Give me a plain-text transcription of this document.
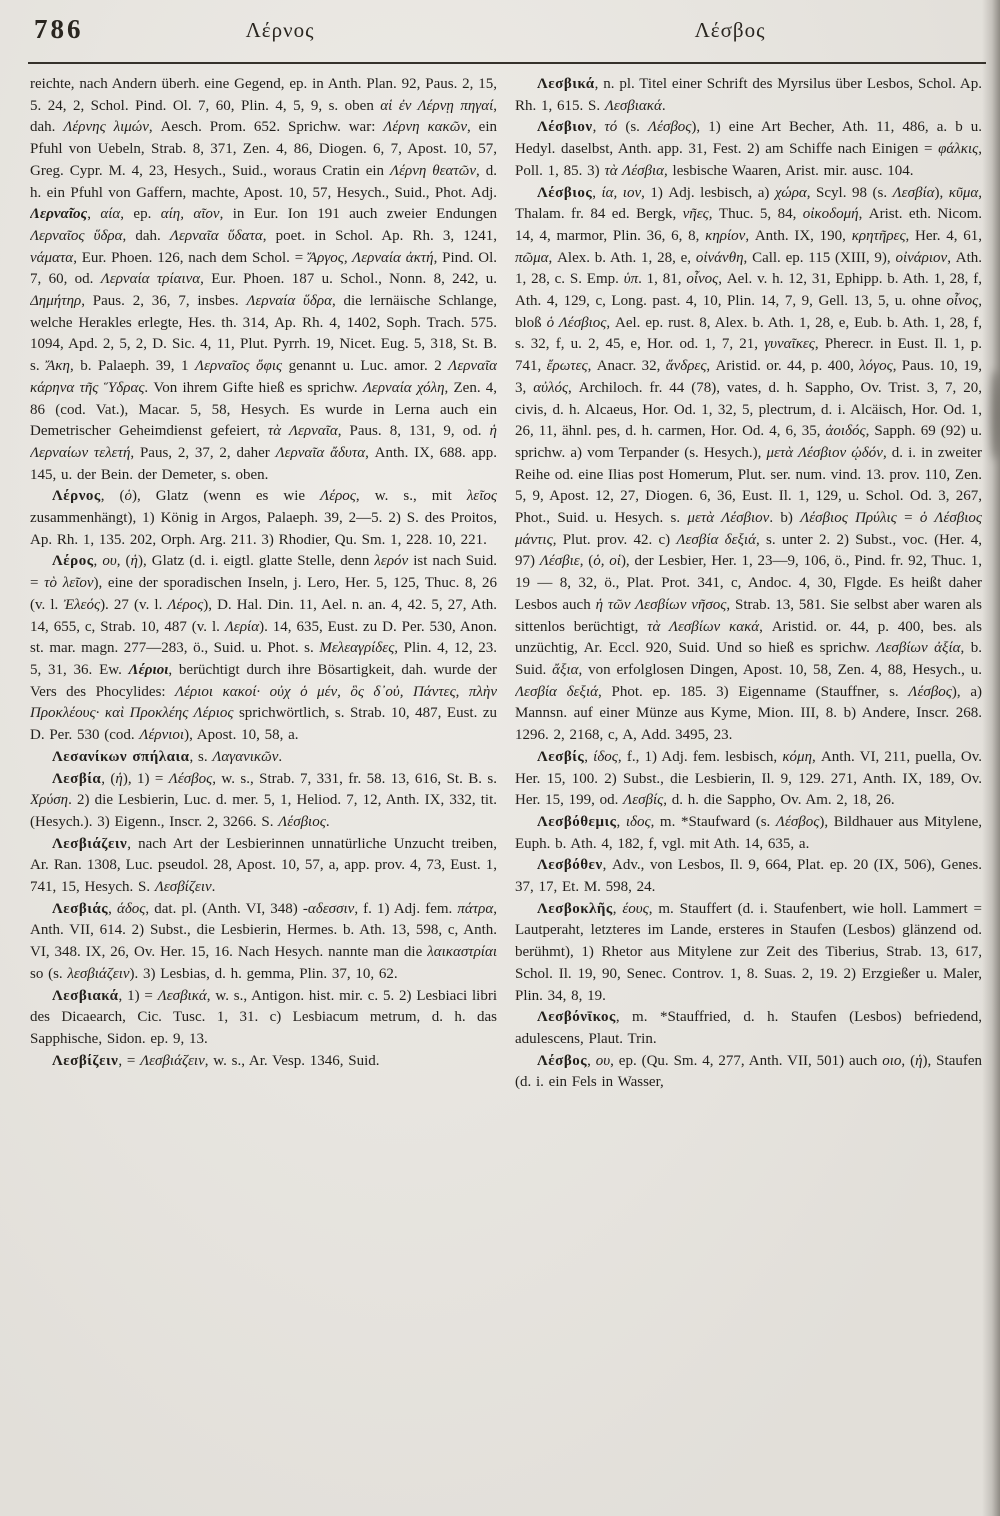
786	Λέρνος	Λέσβος

reichte, nach Andern überh. eine Gegend, ep. in Anth. Plan. 92, Paus. 2, 15, 5. 24, 2, Schol. Pind. Ol. 7, 60, Plin. 4, 5, 9, s. oben αἱ ἐν Λέρνῃ πηγαί, dah. Λέρνης λιμών, Aesch. Prom. 652. Sprichw. war: Λέρνη κακῶν, ein Pfuhl von Uebeln, Strab. 8, 371, Zen. 4, 86, Diogen. 6, 7, Apost. 10, 57, Greg. Cypr. M. 4, 23, Hesych., Suid., woraus Cratin ein Λέρνη θεατῶν, d. h. ein Pfuhl von Gaffern, machte, Apost. 10, 57, Hesych., Suid., Phot. Adj. Λερναῖος, αία, ep. αίη, αῖον, in Eur. Ion 191 auch zweier Endungen Λερναῖος ὕδρα, dah. Λερναῖα ὕδατα, poet. in Schol. Ap. Rh. 3, 1241, νάματα, Eur. Phoen. 126, nach dem Schol. = Ἄργος, Λερναία ἀκτή, Pind. Ol. 7, 60, od. Λερναία τρίαινα, Eur. Phoen. 187 u. Schol., Nonn. 8, 242, u. Δημήτηρ, Paus. 2, 36, 7, insbes. Λερναία ὕδρα, die lernäische Schlange, welche Herakles erlegte, Hes. th. 314, Ap. Rh. 4, 1402, Soph. Trach. 575. 1094, Apd. 2, 5, 2, D. Sic. 4, 11, Plut. Pyrrh. 19, Nicet. Eug. 5, 318, St. B. s. Ἄκη, b. Palaeph. 39, 1 Λερναῖος ὄφις genannt u. Luc. amor. 2 Λερναῖα κάρηνα τῆς Ὕδρας. Von ihrem Gifte hieß es sprichw. Λερναία χόλη, Zen. 4, 86 (cod. Vat.), Macar. 5, 58, Hesych. Es wurde in Lerna auch ein Demetrischer Geheimdienst gefeiert, τὰ Λερναῖα, Paus. 8, 131, 9, od. ἡ Λερναίων τελετή, Paus, 2, 37, 2, daher Λερναῖα ἄδυτα, Anth. IX, 688. app. 145, u. der Bein. der Demeter, s. oben.

Λέρνος, (ὁ), Glatz (wenn es wie Λέρος, w. s., mit λεῖος zusammenhängt), 1) König in Argos, Palaeph. 39, 2—5. 2) S. des Proitos, Ap. Rh. 1, 135. 202, Orph. Arg. 211. 3) Rhodier, Qu. Sm. 1, 228. 10, 221.

Λέρος, ου, (ἡ), Glatz (d. i. eigtl. glatte Stelle, denn λερόν ist nach Suid. = τὸ λεῖον), eine der sporadischen Inseln, j. Lero, Her. 5, 125, Thuc. 8, 26 (v. l. Ἐλεός). 27 (v. l. Λέρος), D. Hal. Din. 11, Ael. n. an. 4, 42. 5, 27, Ath. 14, 655, c, Strab. 10, 487 (v. l. Λερία). 14, 635, Eust. zu D. Per. 530, Anon. st. mar. magn. 277—283, ö., Suid. u. Phot. s. Μελεαγρίδες, Plin. 4, 12, 23. 5, 31, 36. Ew. Λέριοι, berüchtigt durch ihre Bösartigkeit, dah. wurde der Vers des Phocylides: Λέριοι κακοί· οὐχ ὁ μέν, ὃς δ᾽οὐ, Πάντες, πλὴν Προκλέους· καὶ Προκλέης Λέριος sprichwörtlich, s. Strab. 10, 487, Eust. zu D. Per. 530 (cod. Λέρνιοι), Apost. 10, 58, a.

Λεσανίκων σπήλαια, s. Λαγανικῶν.

Λεσβία, (ἡ), 1) = Λέσβος, w. s., Strab. 7, 331, fr. 58. 13, 616, St. B. s. Χρύση. 2) die Lesbierin, Luc. d. mer. 5, 1, Heliod. 7, 12, Anth. IX, 332, tit. (Hesych.). 3) Eigenn., Inscr. 2, 3266. S. Λέσβιος.

Λεσβιάζειν, nach Art der Lesbierinnen unnatürliche Unzucht treiben, Ar. Ran. 1308, Luc. pseudol. 28, Apost. 10, 57, a, app. prov. 4, 73, Eust. 1, 741, 15, Hesych. S. Λεσβίζειν.

Λεσβιάς, άδος, dat. pl. (Anth. VI, 348) -αδεσσιν, f. 1) Adj. fem. πάτρα, Anth. VII, 614. 2) Subst., die Lesbierin, Hermes. b. Ath. 13, 598, c, Anth. VI, 348. IX, 26, Ov. Her. 15, 16. Nach Hesych. nannte man die λαικαστρίαι so (s. λεσβιάζειν). 3) Lesbias, d. h. gemma, Plin. 37, 10, 62.

Λεσβιακά, 1) = Λεσβικά, w. s., Antigon. hist. mir. c. 5. 2) Lesbiaci libri des Dicaearch, Cic. Tusc. 1, 31. c) Lesbiacum metrum, d. h. das Sapphische, Sidon. ep. 9, 13.

Λεσβίζειν, = Λεσβιάζειν, w. s., Ar. Vesp. 1346, Suid.

Λεσβικά, n. pl. Titel einer Schrift des Myrsilus über Lesbos, Schol. Ap. Rh. 1, 615. S. Λεσβιακά.

Λέσβιον, τό (s. Λέσβος), 1) eine Art Becher, Ath. 11, 486, a. b u. Hedyl. daselbst, Anth. app. 31, Fest. 2) am Schiffe nach Einigen = φάλκις, Poll. 1, 85. 3) τὰ Λέσβια, lesbische Waaren, Arist. mir. ausc. 104.

Λέσβιος, ία, ιον, 1) Adj. lesbisch, a) χώρα, Scyl. 98 (s. Λεσβία), κῦμα, Thalam. fr. 84 ed. Bergk, νῆες, Thuc. 5, 84, οἰκοδομή, Arist. eth. Nicom. 14, 4, marmor, Plin. 36, 6, 8, κηρίον, Anth. IX, 190, κρητῆρες, Her. 4, 61, πῶμα, Alex. b. Ath. 1, 28, e, οἰνάνθη, Call. ep. 115 (XIII, 9), οἰνάριον, Ath. 1, 28, c. S. Emp. ὑπ. 1, 81, οἶνος, Ael. v. h. 12, 31, Ephipp. b. Ath. 1, 28, f, Ath. 4, 129, c, Long. past. 4, 10, Plin. 14, 7, 9, Gell. 13, 5, u. ohne οἶνος, bloß ὁ Λέσβιος, Ael. ep. rust. 8, Alex. b. Ath. 1, 28, e, Eub. b. Ath. 1, 28, f, s. 32, f, u. 2, 45, e, Hor. od. 1, 7, 21, γυναῖκες, Pherecr. in Eust. Il. 1, p. 741, ἔρωτες, Anacr. 32, ἄνδρες, Aristid. or. 44, p. 400, λόγος, Paus. 10, 19, 3, αὐλός, Archiloch. fr. 44 (78), vates, d. h. Sappho, Ov. Trist. 3, 7, 20, civis, d. h. Alcaeus, Hor. Od. 1, 32, 5, plectrum, d. i. Alcäisch, Hor. Od. 1, 26, 11, ähnl. pes, d. h. carmen, Hor. Od. 4, 6, 35, ἀοιδός, Sapph. 69 (92) u. sprichw. a) vom Terpander (s. Hesych.), μετὰ Λέσβιον ᾠδόν, d. i. in zweiter Reihe od. eine Ilias post Homerum, Plut. ser. num. vind. 13. prov. 110, Zen. 5, 9, Apost. 12, 27, Diogen. 6, 36, Eust. Il. 1, 129, u. Schol. Od. 3, 267, Phot., Suid. u. Hesych. s. μετὰ Λέσβιον. b) Λέσβιος Πρύλις = ὁ Λέσβιος μάντις, Plut. prov. 42. c) Λεσβία δεξιά, s. unter 2. 2) Subst., voc. (Her. 4, 97) Λέσβιε, (ὁ, οἱ), der Lesbier, Her. 1, 23—9, 106, ö., Pind. fr. 92, Thuc. 1, 19 — 8, 32, ö., Plat. Prot. 341, c, Andoc. 4, 30, Flgde. Es heißt daher Lesbos auch ἡ τῶν Λεσβίων νῆσος, Strab. 13, 581. Sie selbst aber waren als sittenlos berüchtigt, τὰ Λεσβίων κακά, Aristid. or. 44, p. 400, bes. als unzüchtig, Ar. Eccl. 920, Suid. Und so hieß es sprichw. Λεσβίων ἀξία, b. Suid. ἄξια, von erfolglosen Dingen, Apost. 10, 58, Zen. 4, 88, Hesych., u. Λεσβία δεξιά, Phot. ep. 185. 3) Eigenname (Stauffner, s. Λέσβος), a) Mannsn. auf einer Münze aus Kyme, Mion. III, 8. b) Andere, Inscr. 268. 1296. 2, 2168, c, A, Add. 3495, 23.

Λεσβίς, ίδος, f., 1) Adj. fem. lesbisch, κόμη, Anth. VI, 211, puella, Ov. Her. 15, 100. 2) Subst., die Lesbierin, Il. 9, 129. 271, Anth. IX, 189, Ov. Her. 15, 199, od. Λεσβίς, d. h. die Sappho, Ov. Am. 2, 18, 26.

Λεσβόθεμις, ιδος, m. *Staufward (s. Λέσβος), Bildhauer aus Mitylene, Euph. b. Ath. 4, 182, f, vgl. mit Ath. 14, 635, a.

Λεσβόθεν, Adv., von Lesbos, Il. 9, 664, Plat. ep. 20 (IX, 506), Genes. 37, 17, Et. M. 598, 24.

Λεσβοκλῆς, έους, m. Stauffert (d. i. Staufenbert, wie holl. Lammert = Lautperaht, letzteres im Lande, ersteres in Staufen (Lesbos) glänzend od. berühmt), 1) Rhetor aus Mitylene zur Zeit des Tiberius, Strab. 13, 617, Schol. Il. 19, 90, Senec. Controv. 1, 8. Suas. 2, 19. 2) Erzgießer u. Maler, Plin. 34, 8, 19.

Λεσβόνῑκος, m. *Stauffried, d. h. Staufen (Lesbos) befriedend, adulescens, Plaut. Trin.

Λέσβος, ου, ep. (Qu. Sm. 4, 277, Anth. VII, 501) auch οιο, (ἡ), Staufen (d. i. ein Fels in Wasser,
